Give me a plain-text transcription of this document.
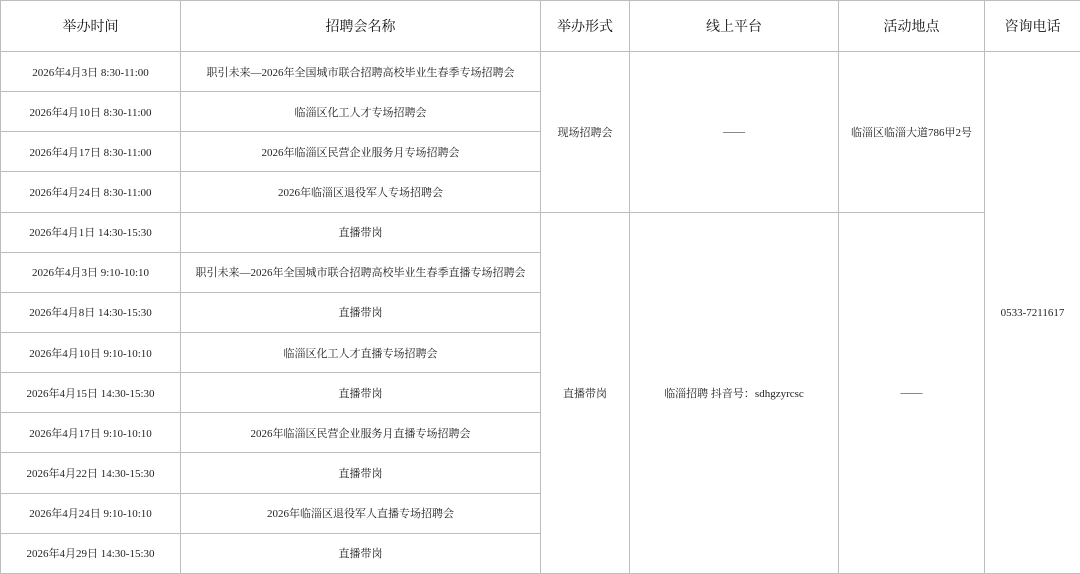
举办时间	招聘会名称	举办形式	线上平台	活动地点	咨询电话
2026年4月3日 8:30-11:00	职引未来—2026年全国城市联合招聘高校毕业生春季专场招聘会	现场招聘会	——	临淄区临淄大道786甲2号	0533-7211617
2026年4月10日 8:30-11:00	临淄区化工人才专场招聘会				
2026年4月17日 8:30-11:00	2026年临淄区民营企业服务月专场招聘会				
2026年4月24日 8:30-11:00	2026年临淄区退役军人专场招聘会				
2026年4月1日 14:30-15:30	直播带岗	直播带岗	临淄招聘 抖音号：sdhgzyrcsc	——	
2026年4月3日 9:10-10:10	职引未来—2026年全国城市联合招聘高校毕业生春季直播专场招聘会				
2026年4月8日 14:30-15:30	直播带岗				
2026年4月10日 9:10-10:10	临淄区化工人才直播专场招聘会				
2026年4月15日 14:30-15:30	直播带岗				
2026年4月17日 9:10-10:10	2026年临淄区民营企业服务月直播专场招聘会				
2026年4月22日 14:30-15:30	直播带岗				
2026年4月24日 9:10-10:10	2026年临淄区退役军人直播专场招聘会				
2026年4月29日 14:30-15:30	直播带岗				
